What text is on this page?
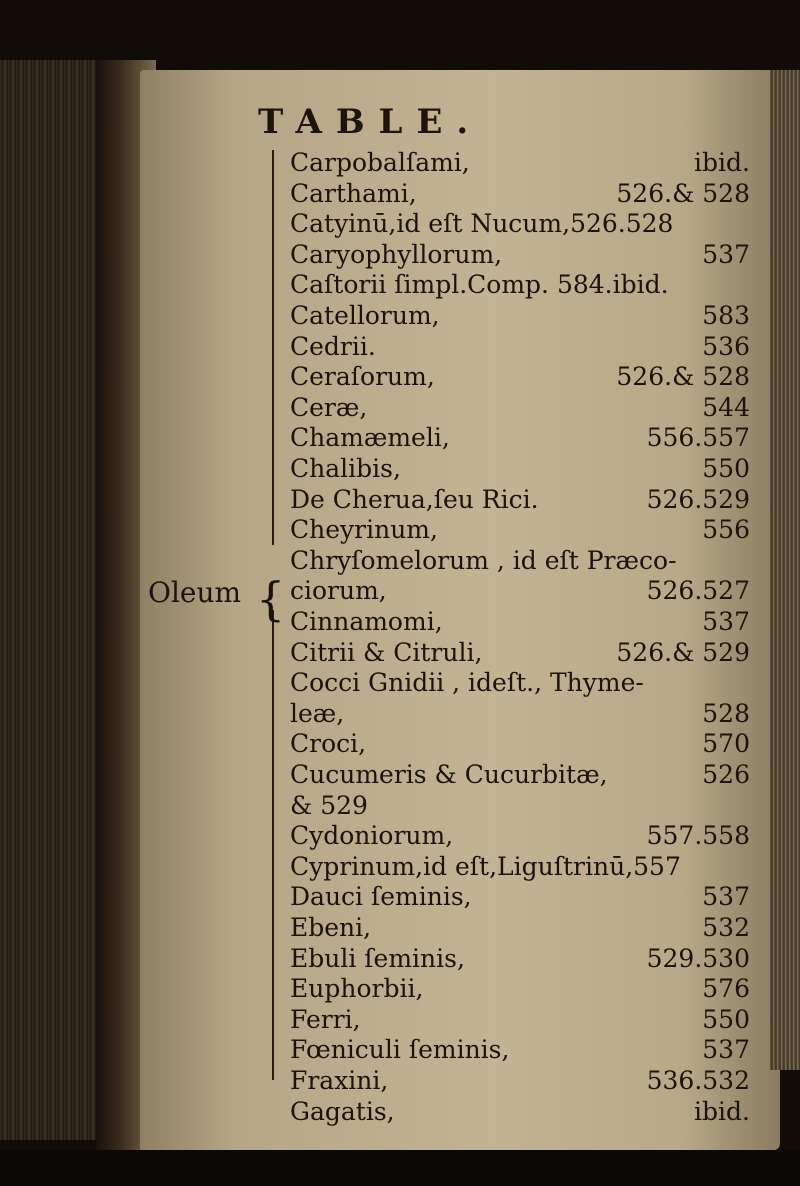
TABLE.
{
Oleum
Carpobalſami,	ibid.
Carthami,	526.& 528
Catyinū,id eſt Nucum,526.528
Caryophyllorum,	537
Caſtorii ſimpl.Comp. 584.ibid.
Catellorum,	583
Cedrii.	536
Ceraſorum,	526.& 528
Ceræ,	544
Chamæmeli,	556.557
Chalibis,	550
De Cherua,ſeu Rici.	526.529
Cheyrinum,	556
Chryſomelorum , id eſt Præco-
ciorum,	526.527
Cinnamomi,	537
Citrii & Citruli,	526.& 529
Cocci Gnidii , ideſt., Thyme-
leæ,	528
Croci,	570
Cucumeris & Cucurbitæ,	526
& 529
Cydoniorum,	557.558
Cyprinum,id eſt,Liguſtrinū,557
Dauci ſeminis,	537
Ebeni,	532
Ebuli ſeminis,	529.530
Euphorbii,	576
Ferri,	550
Fœniculi ſeminis,	537
Fraxini,	536.532
Gagatis,	ibid.
